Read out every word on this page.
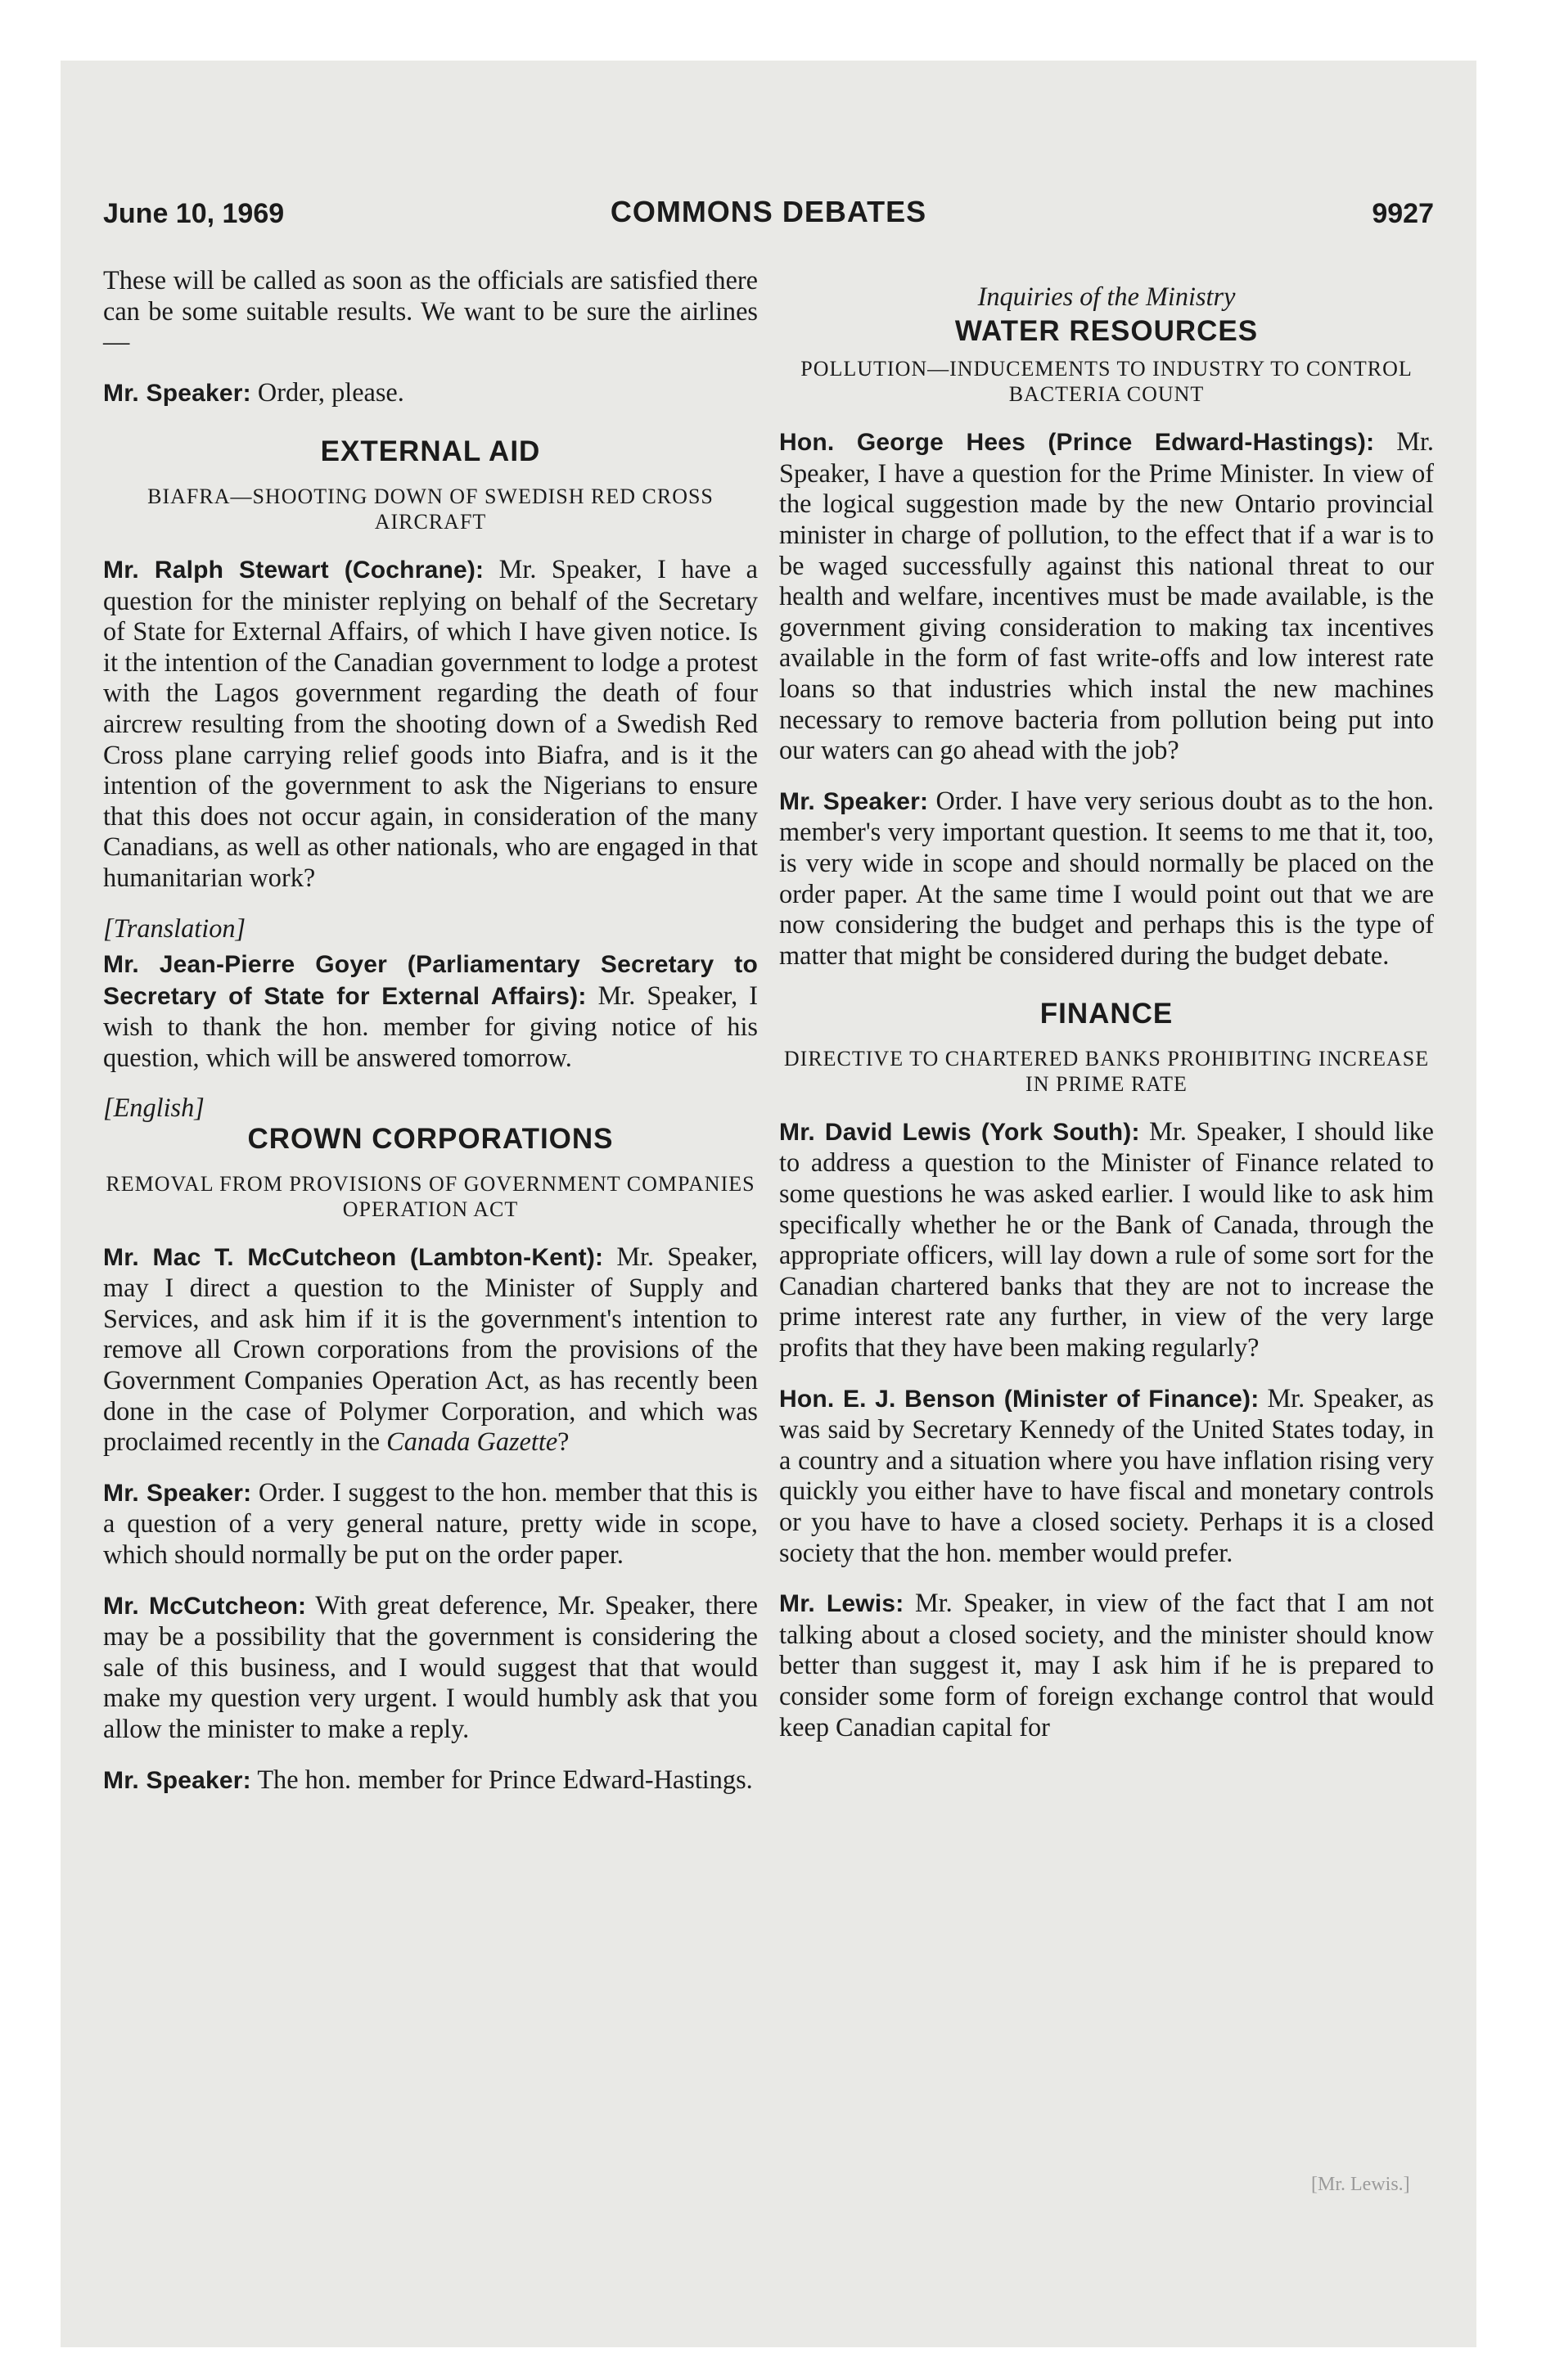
June 10, 1969	COMMONS DEBATES	9927

These will be called as soon as the officials are satisfied there can be some suitable results. We want to be sure the airlines—

Mr. Speaker: Order, please.

EXTERNAL AID
BIAFRA—SHOOTING DOWN OF SWEDISH RED CROSS AIRCRAFT

Mr. Ralph Stewart (Cochrane): Mr. Speaker, I have a question for the minister replying on behalf of the Secretary of State for External Affairs, of which I have given notice. Is it the intention of the Canadian government to lodge a protest with the Lagos government regarding the death of four aircrew resulting from the shooting down of a Swedish Red Cross plane carrying relief goods into Biafra, and is it the intention of the government to ask the Nigerians to ensure that this does not occur again, in consideration of the many Canadians, as well as other nationals, who are engaged in that humanitarian work?

[Translation]

Mr. Jean-Pierre Goyer (Parliamentary Secretary to Secretary of State for External Affairs): Mr. Speaker, I wish to thank the hon. member for giving notice of his question, which will be answered tomorrow.

[English]
CROWN CORPORATIONS
REMOVAL FROM PROVISIONS OF GOVERNMENT COMPANIES OPERATION ACT

Mr. Mac T. McCutcheon (Lambton-Kent): Mr. Speaker, may I direct a question to the Minister of Supply and Services, and ask him if it is the government's intention to remove all Crown corporations from the provisions of the Government Companies Operation Act, as has recently been done in the case of Polymer Corporation, and which was proclaimed recently in the Canada Gazette?

Mr. Speaker: Order. I suggest to the hon. member that this is a question of a very general nature, pretty wide in scope, which should normally be put on the order paper.

Mr. McCutcheon: With great deference, Mr. Speaker, there may be a possibility that the government is considering the sale of this business, and I would suggest that that would make my question very urgent. I would humbly ask that you allow the minister to make a reply.

Mr. Speaker: The hon. member for Prince Edward-Hastings.

Inquiries of the Ministry
WATER RESOURCES
POLLUTION—INDUCEMENTS TO INDUSTRY TO CONTROL BACTERIA COUNT

Hon. George Hees (Prince Edward-Hastings): Mr. Speaker, I have a question for the Prime Minister. In view of the logical suggestion made by the new Ontario provincial minister in charge of pollution, to the effect that if a war is to be waged successfully against this national threat to our health and welfare, incentives must be made available, is the government giving consideration to making tax incentives available in the form of fast write-offs and low interest rate loans so that industries which instal the new machines necessary to remove bacteria from pollution being put into our waters can go ahead with the job?

Mr. Speaker: Order. I have very serious doubt as to the hon. member's very important question. It seems to me that it, too, is very wide in scope and should normally be placed on the order paper. At the same time I would point out that we are now considering the budget and perhaps this is the type of matter that might be considered during the budget debate.

FINANCE
DIRECTIVE TO CHARTERED BANKS PROHIBITING INCREASE IN PRIME RATE

Mr. David Lewis (York South): Mr. Speaker, I should like to address a question to the Minister of Finance related to some questions he was asked earlier. I would like to ask him specifically whether he or the Bank of Canada, through the appropriate officers, will lay down a rule of some sort for the Canadian chartered banks that they are not to increase the prime interest rate any further, in view of the very large profits that they have been making regularly?

Hon. E. J. Benson (Minister of Finance): Mr. Speaker, as was said by Secretary Kennedy of the United States today, in a country and a situation where you have inflation rising very quickly you either have to have fiscal and monetary controls or you have to have a closed society. Perhaps it is a closed society that the hon. member would prefer.

Mr. Lewis: Mr. Speaker, in view of the fact that I am not talking about a closed society, and the minister should know better than suggest it, may I ask him if he is prepared to consider some form of foreign exchange control that would keep Canadian capital for

[Mr. Lewis.]
